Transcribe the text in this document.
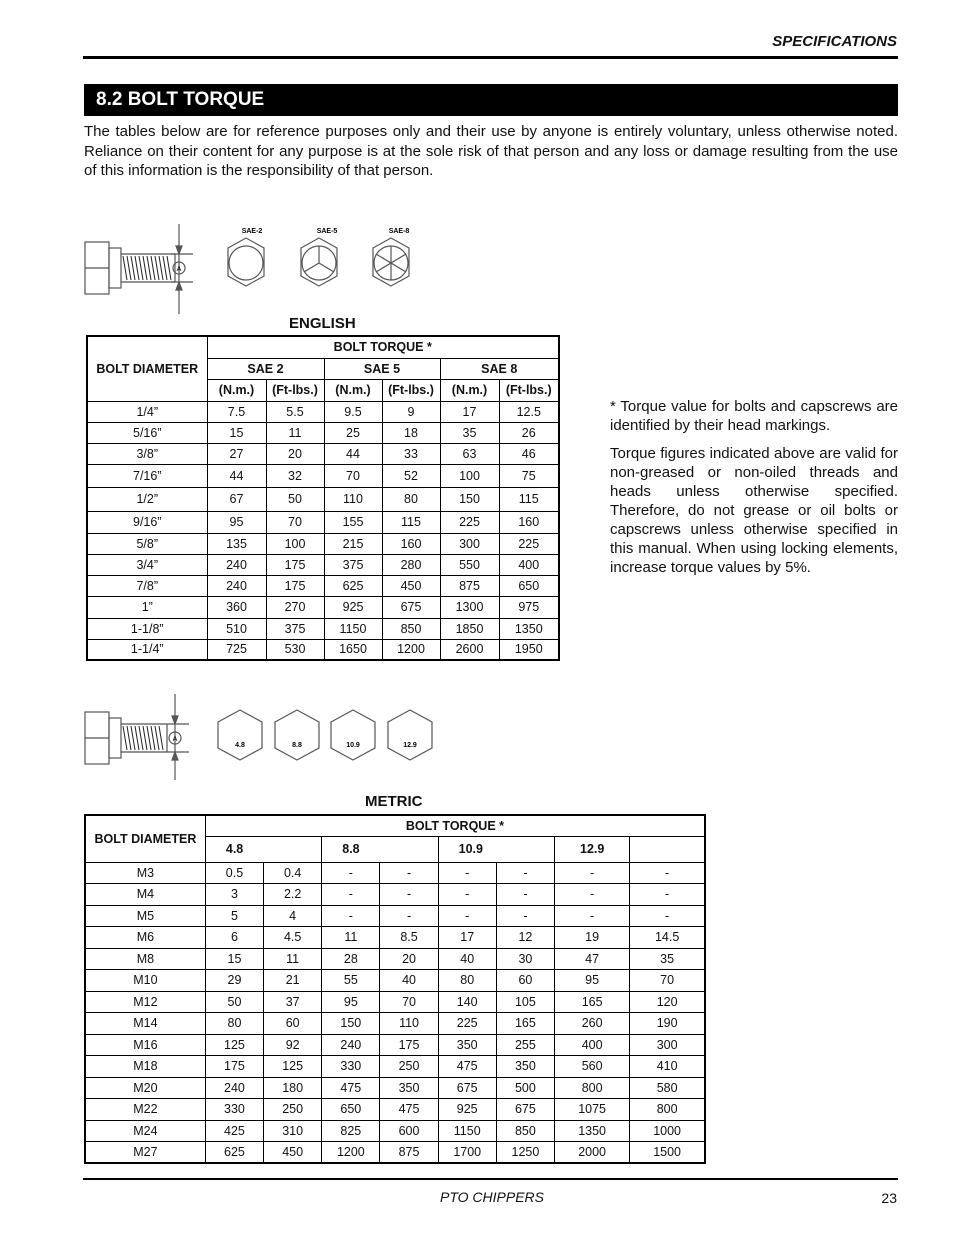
SPECIFICATIONS
8.2 BOLT TORQUE
The tables below are for reference purposes only and their use by anyone is entirely voluntary, unless otherwise noted. Reliance on their content for any purpose is at the sole risk of that person and any loss or damage resulting from the use of this information is the responsibility of that person.
A
SAE-2	SAE-5	SAE-8
ENGLISH
BOLT DIAMETER	BOLT TORQUE *					
	SAE 2		SAE 5		SAE 8	
	(N.m.)	(Ft-lbs.)	(N.m.)	(Ft-lbs.)	(N.m.)	(Ft-lbs.)
1/4”	7.5	5.5	9.5	9	17	12.5
5/16”	15	11	25	18	35	26
3/8”	27	20	44	33	63	46
7/16”	44	32	70	52	100	75
1/2”	67	50	110	80	150	115
9/16”	95	70	155	115	225	160
5/8”	135	100	215	160	300	225
3/4”	240	175	375	280	550	400
7/8”	240	175	625	450	875	650
1”	360	270	925	675	1300	975
1-1/8”	510	375	1150	850	1850	1350
1-1/4”	725	530	1650	1200	2600	1950

* Torque value for bolts and capscrews are identified by their head markings.

Torque figures indicated above are valid for non-greased or non-oiled threads and heads unless otherwise specified. Therefore, do not grease or oil bolts or capscrews unless otherwise specified in this manual. When using locking elements, increase torque values by 5%.

A
4.8	8.8	10.9	12.9
METRIC
BOLT DIAMETER	BOLT TORQUE *							
	4.8		8.8		10.9		12.9	
M3	0.5	0.4	-	-	-	-	-	-
M4	3	2.2	-	-	-	-	-	-
M5	5	4	-	-	-	-	-	-
M6	6	4.5	11	8.5	17	12	19	14.5
M8	15	11	28	20	40	30	47	35
M10	29	21	55	40	80	60	95	70
M12	50	37	95	70	140	105	165	120
M14	80	60	150	110	225	165	260	190
M16	125	92	240	175	350	255	400	300
M18	175	125	330	250	475	350	560	410
M20	240	180	475	350	675	500	800	580
M22	330	250	650	475	925	675	1075	800
M24	425	310	825	600	1150	850	1350	1000
M27	625	450	1200	875	1700	1250	2000	1500
PTO CHIPPERS	23
